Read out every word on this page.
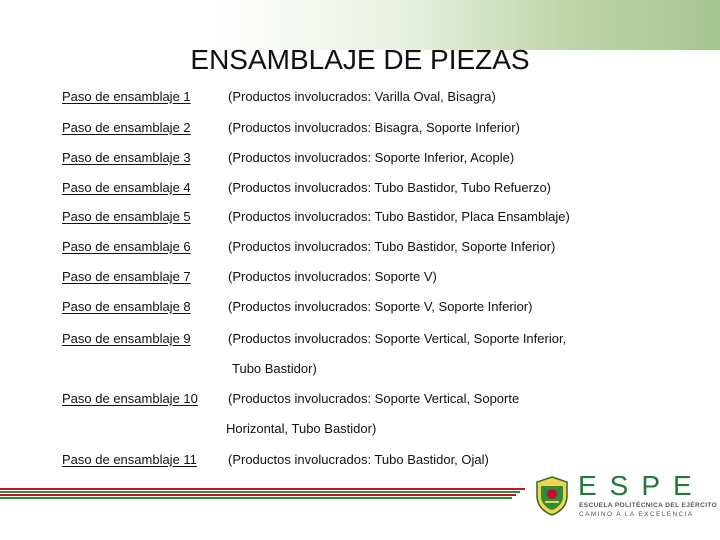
ENSAMBLAJE DE PIEZAS
Paso de ensamblaje 1	(Productos involucrados: Varilla Oval, Bisagra)
Paso de ensamblaje 2	(Productos involucrados: Bisagra, Soporte Inferior)
Paso de ensamblaje 3	(Productos involucrados: Soporte Inferior, Acople)
Paso de ensamblaje 4	(Productos involucrados: Tubo Bastidor, Tubo Refuerzo)
Paso de ensamblaje 5	(Productos involucrados: Tubo Bastidor, Placa Ensamblaje)
Paso de ensamblaje 6	(Productos involucrados: Tubo Bastidor, Soporte Inferior)
Paso de ensamblaje 7	(Productos involucrados: Soporte V)
Paso de ensamblaje 8	(Productos involucrados: Soporte V, Soporte Inferior)
Paso de ensamblaje 9	(Productos involucrados: Soporte Vertical, Soporte Inferior,
Tubo Bastidor)
Paso de ensamblaje 10 (Productos involucrados: Soporte Vertical, Soporte
Horizontal, Tubo Bastidor)
Paso de ensamblaje 11 (Productos involucrados: Tubo Bastidor, Ojal)
ESPE
ESCUELA POLITÉCNICA DEL EJÉRCITO
CAMINO A LA EXCELENCIA
